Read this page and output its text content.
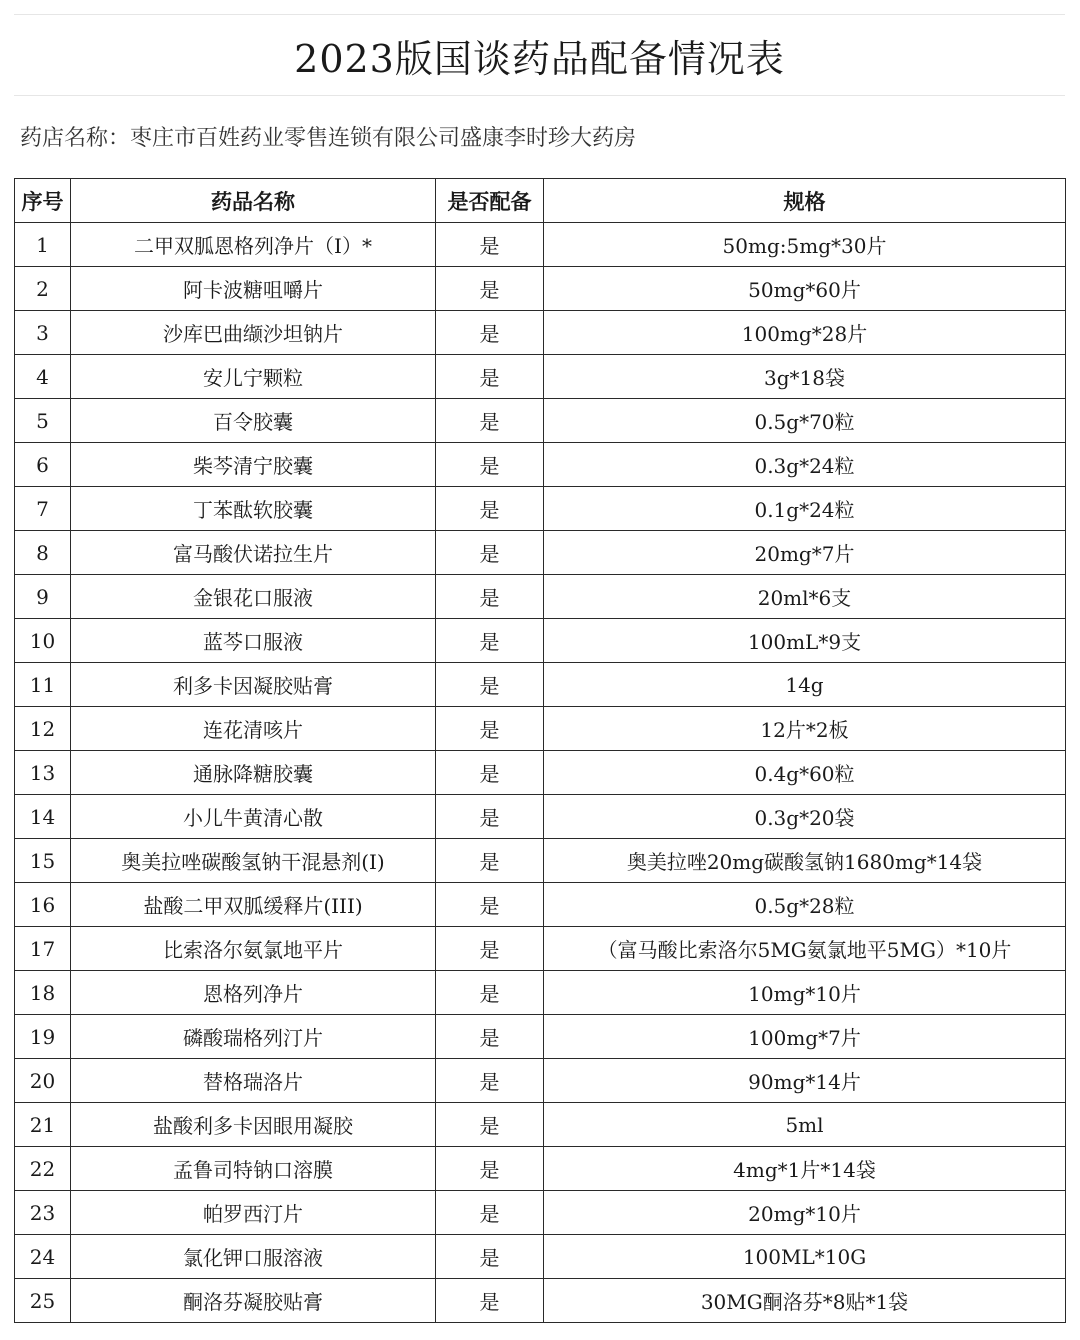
2023版国谈药品配备情况表
药店名称：枣庄市百姓药业零售连锁有限公司盛康李时珍大药房
序号	药品名称	是否配备	规格
1	二甲双胍恩格列净片（Ⅰ）*	是	50mg:5mg*30片
2	阿卡波糖咀嚼片	是	50mg*60片
3	沙库巴曲缬沙坦钠片	是	100mg*28片
4	安儿宁颗粒	是	3g*18袋
5	百令胶囊	是	0.5g*70粒
6	柴芩清宁胶囊	是	0.3g*24粒
7	丁苯酞软胶囊	是	0.1g*24粒
8	富马酸伏诺拉生片	是	20mg*7片
9	金银花口服液	是	20ml*6支
10	蓝芩口服液	是	100mL*9支
11	利多卡因凝胶贴膏	是	14g
12	连花清咳片	是	12片*2板
13	通脉降糖胶囊	是	0.4g*60粒
14	小儿牛黄清心散	是	0.3g*20袋
15	奥美拉唑碳酸氢钠干混悬剂(I)	是	奥美拉唑20mg碳酸氢钠1680mg*14袋
16	盐酸二甲双胍缓释片(III)	是	0.5g*28粒
17	比索洛尔氨氯地平片	是	（富马酸比索洛尔5MG氨氯地平5MG）*10片
18	恩格列净片	是	10mg*10片
19	磷酸瑞格列汀片	是	100mg*7片
20	替格瑞洛片	是	90mg*14片
21	盐酸利多卡因眼用凝胶	是	5ml
22	孟鲁司特钠口溶膜	是	4mg*1片*14袋
23	帕罗西汀片	是	20mg*10片
24	氯化钾口服溶液	是	100ML*10G
25	酮洛芬凝胶贴膏	是	30MG酮洛芬*8贴*1袋
